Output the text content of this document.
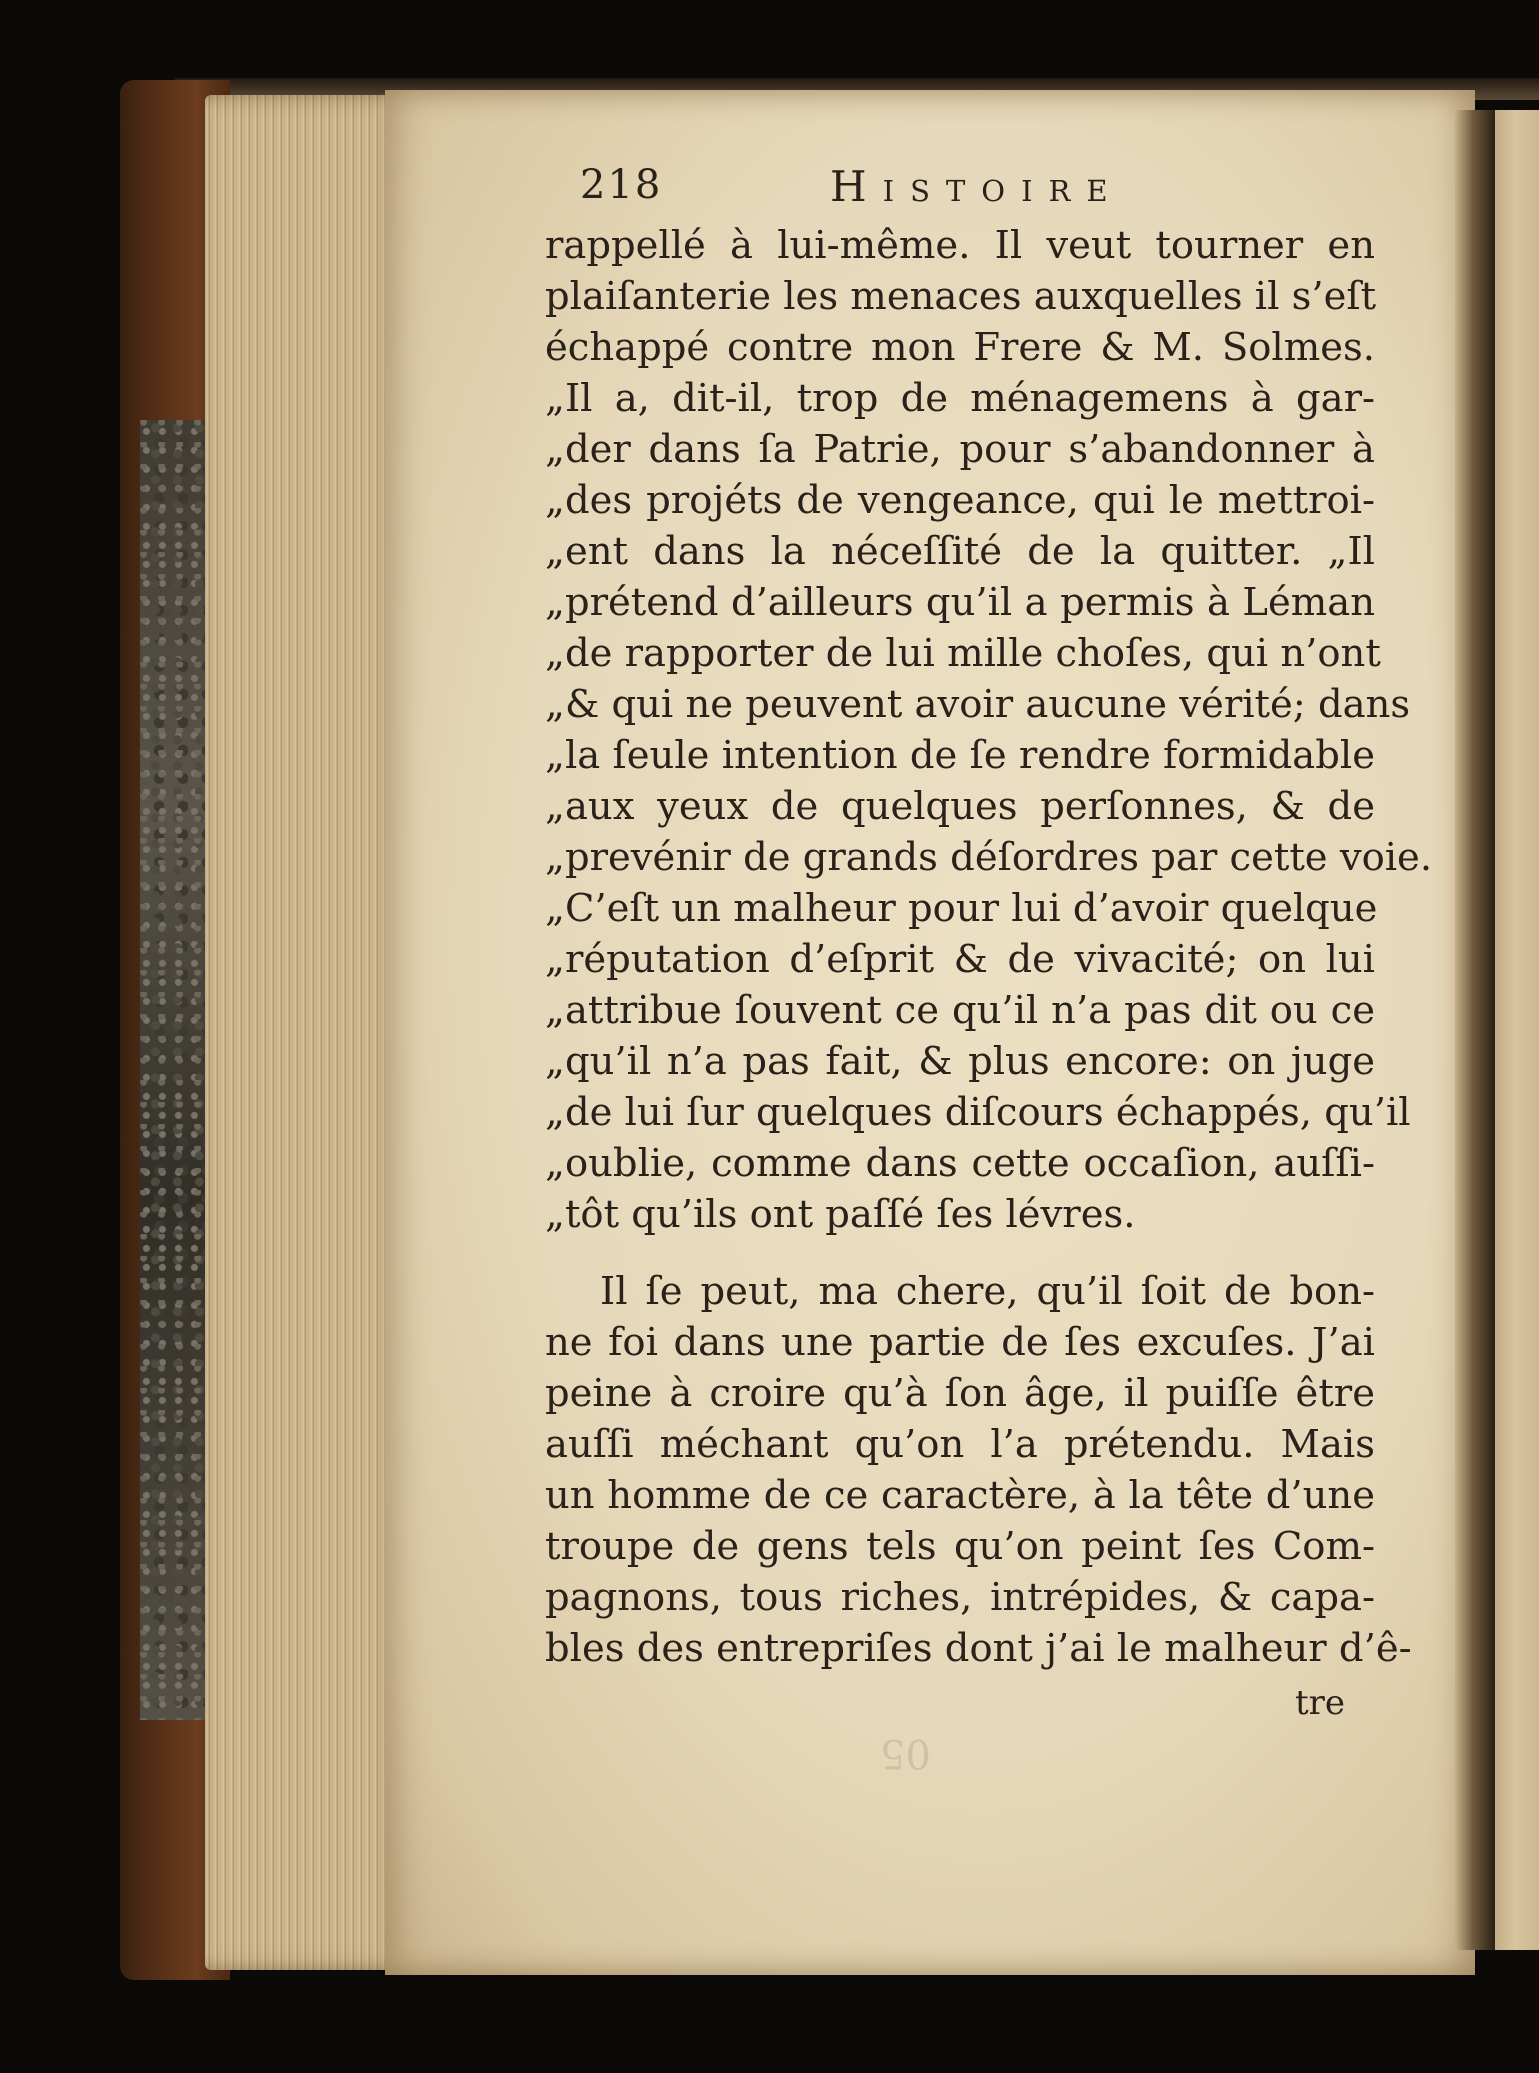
05
218	Histoire
rappellé à lui-même. Il veut tourner en
plaiſanterie les menaces auxquelles il s’eſt
échappé contre mon Frere & M. Solmes.
„Il a, dit-il, trop de ménagemens à gar-
„der dans ſa Patrie, pour s’abandonner à
„des projéts de vengeance, qui le mettroi-
„ent dans la néceſſité de la quitter. „Il
„prétend d’ailleurs qu’il a permis à Léman
„de rapporter de lui mille choſes, qui n’ont
„& qui ne peuvent avoir aucune vérité; dans
„la ſeule intention de ſe rendre formidable
„aux yeux de quelques perſonnes, & de
„prevénir de grands déſordres par cette voie.
„C’eſt un malheur pour lui d’avoir quelque
„réputation d’eſprit & de vivacité; on lui
„attribue ſouvent ce qu’il n’a pas dit ou ce
„qu’il n’a pas fait, & plus encore: on juge
„de lui ſur quelques diſcours échappés, qu’il
„oublie, comme dans cette occaſion, auſſi-
„tôt qu’ils ont paſſé ſes lévres.
Il ſe peut, ma chere, qu’il ſoit de bon-
ne foi dans une partie de ſes excuſes. J’ai
peine à croire qu’à ſon âge, il puiſſe être
auſſi méchant qu’on l’a prétendu. Mais
un homme de ce caractère, à la tête d’une
troupe de gens tels qu’on peint ſes Com-
pagnons, tous riches, intrépides, & capa-
bles des entrepriſes dont j’ai le malheur d’ê-
tre
